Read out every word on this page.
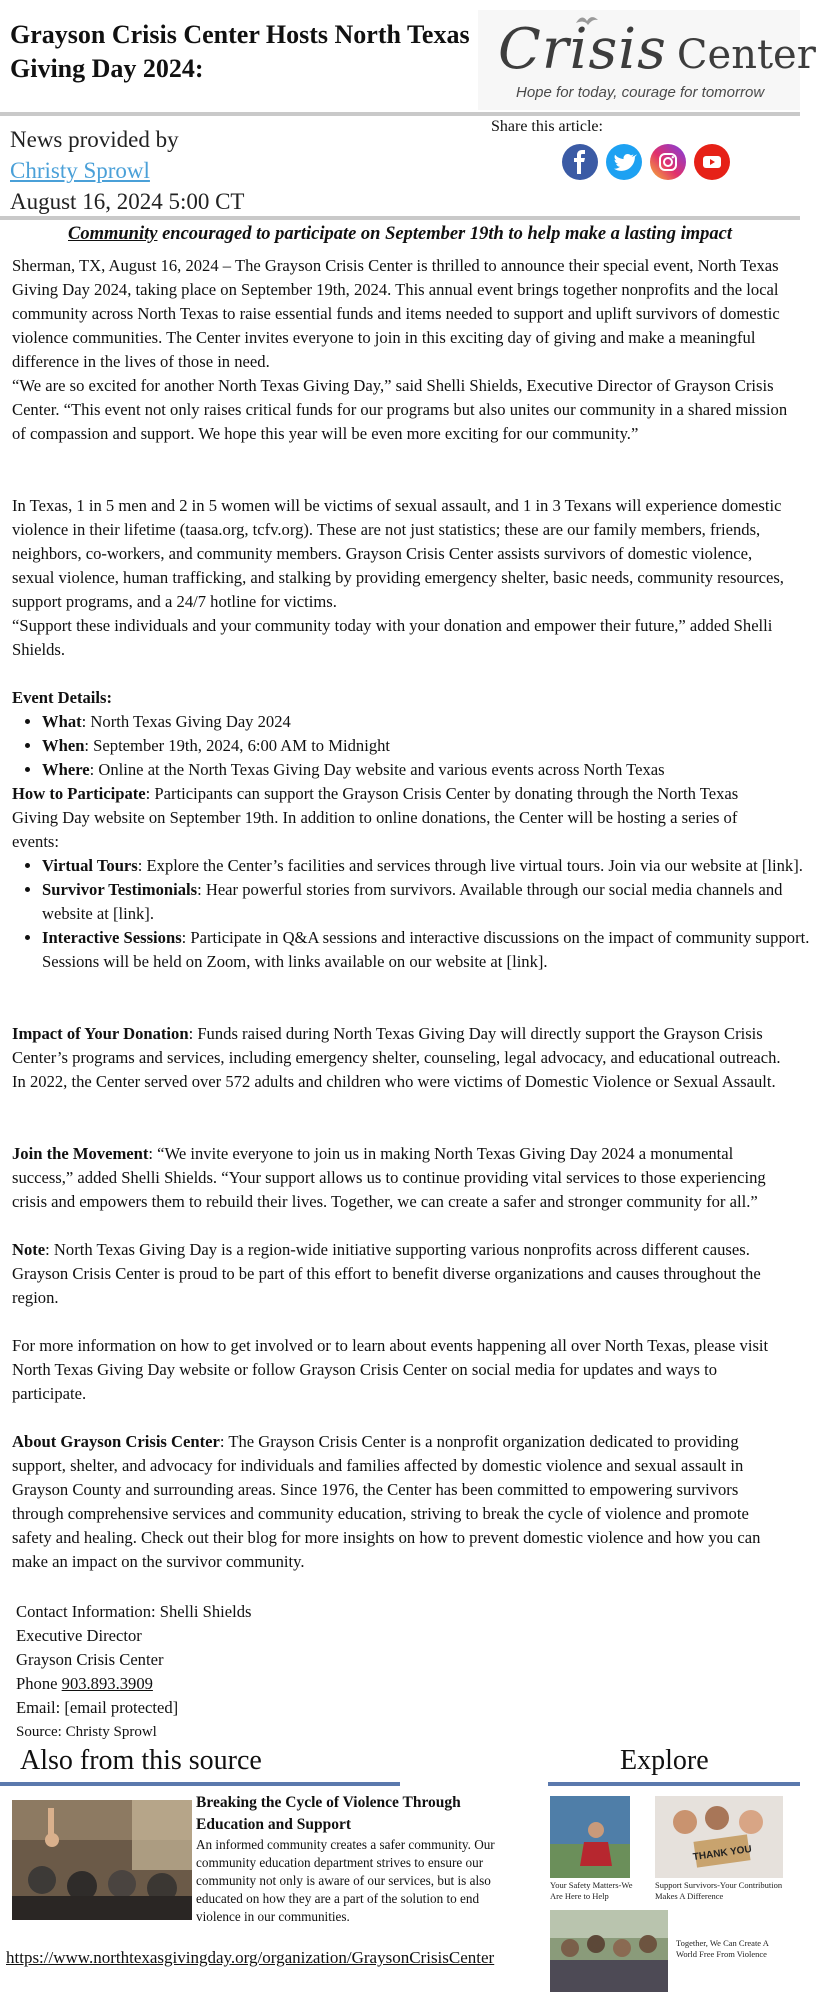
Grayson Crisis Center Hosts North Texas Giving Day 2024:	Crisis Center
Hope for today, courage for tomorrow
News provided by
Christy Sprowl
August 16, 2024 5:00 CT
Share this article:
Community encouraged to participate on September 19th to help make a lasting impact

Sherman, TX, August 16, 2024 – The Grayson Crisis Center is thrilled to announce their special event, North Texas Giving Day 2024, taking place on September 19th, 2024. This annual event brings together nonprofits and the local community across North Texas to raise essential funds and items needed to support and uplift survivors of domestic violence communities. The Center invites everyone to join in this exciting day of giving and make a meaningful difference in the lives of those in need.

“We are so excited for another North Texas Giving Day,” said Shelli Shields, Executive Director of Grayson Crisis Center. “This event not only raises critical funds for our programs but also unites our community in a shared mission of compassion and support. We hope this year will be even more exciting for our community.”

In Texas, 1 in 5 men and 2 in 5 women will be victims of sexual assault, and 1 in 3 Texans will experience domestic violence in their lifetime (taasa.org, tcfv.org). These are not just statistics; these are our family members, friends, neighbors, co-workers, and community members. Grayson Crisis Center assists survivors of domestic violence, sexual violence, human trafficking, and stalking by providing emergency shelter, basic needs, community resources, support programs, and a 24/7 hotline for victims.

“Support these individuals and your community today with your donation and empower their future,” added Shelli Shields.

Event Details:

• What: North Texas Giving Day 2024
• When: September 19th, 2024, 6:00 AM to Midnight
• Where: Online at the North Texas Giving Day website and various events across North Texas

How to Participate: Participants can support the Grayson Crisis Center by donating through the North Texas Giving Day website on September 19th. In addition to online donations, the Center will be hosting a series of events:

• Virtual Tours: Explore the Center’s facilities and services through live virtual tours. Join via our website at [link].
• Survivor Testimonials: Hear powerful stories from survivors. Available through our social media channels and website at [link].
• Interactive Sessions: Participate in Q&A sessions and interactive discussions on the impact of community support. Sessions will be held on Zoom, with links available on our website at [link].

Impact of Your Donation: Funds raised during North Texas Giving Day will directly support the Grayson Crisis Center’s programs and services, including emergency shelter, counseling, legal advocacy, and educational outreach. In 2022, the Center served over 572 adults and children who were victims of Domestic Violence or Sexual Assault.

Join the Movement: “We invite everyone to join us in making North Texas Giving Day 2024 a monumental success,” added Shelli Shields. “Your support allows us to continue providing vital services to those experiencing crisis and empowers them to rebuild their lives. Together, we can create a safer and stronger community for all.”

Note: North Texas Giving Day is a region-wide initiative supporting various nonprofits across different causes. Grayson Crisis Center is proud to be part of this effort to benefit diverse organizations and causes throughout the region.

For more information on how to get involved or to learn about events happening all over North Texas, please visit North Texas Giving Day website or follow Grayson Crisis Center on social media for updates and ways to participate.

About Grayson Crisis Center: The Grayson Crisis Center is a nonprofit organization dedicated to providing support, shelter, and advocacy for individuals and families affected by domestic violence and sexual assault in Grayson County and surrounding areas. Since 1976, the Center has been committed to empowering survivors through comprehensive services and community education, striving to break the cycle of violence and promote safety and healing. Check out their blog for more insights on how to prevent domestic violence and how you can make an impact on the survivor community.

Contact Information: Shelli Shields
Executive Director
Grayson Crisis Center
Phone 903.893.3909
Email: [email protected]
Source: Christy Sprowl
Also from this source	Explore
Breaking the Cycle of Violence Through Education and Support
An informed community creates a safer community. Our community education department strives to ensure our community not only is aware of our services, but is also educated on how they are a part of the solution to end violence in our communities.
https://www.northtexasgivingday.org/organization/GraysonCrisisCenter
Your Safety Matters-We Are Here to Help
THANK YOU
Support Survivors-Your Contribution Makes A Difference
Together, We Can Create A World Free From Violence
